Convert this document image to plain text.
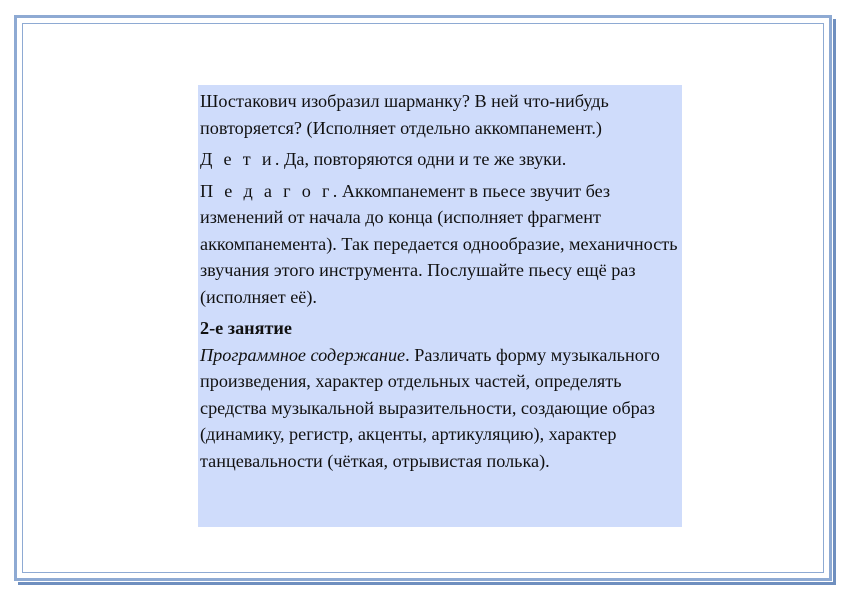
Шостакович изобразил шарманку? В ней что-нибудь повторяется? (Исполняет отдельно аккомпанемент.)

Д е т и. Да, повторяются одни и те же звуки.

П е д а г о г. Аккомпанемент в пьесе звучит без изменений от начала до конца (исполняет фрагмент аккомпанемента). Так передается однообразие, механичность звучания этого инструмента. Послушайте пьесу ещё раз (исполняет её).

2-е занятие

Программное содержание. Различать форму музыкального произведения, характер отдельных частей, определять средства музыкальной выразительности, создающие образ (динамику, регистр, акценты, артикуляцию), характер танцевальности (чёткая, отрывистая полька).
